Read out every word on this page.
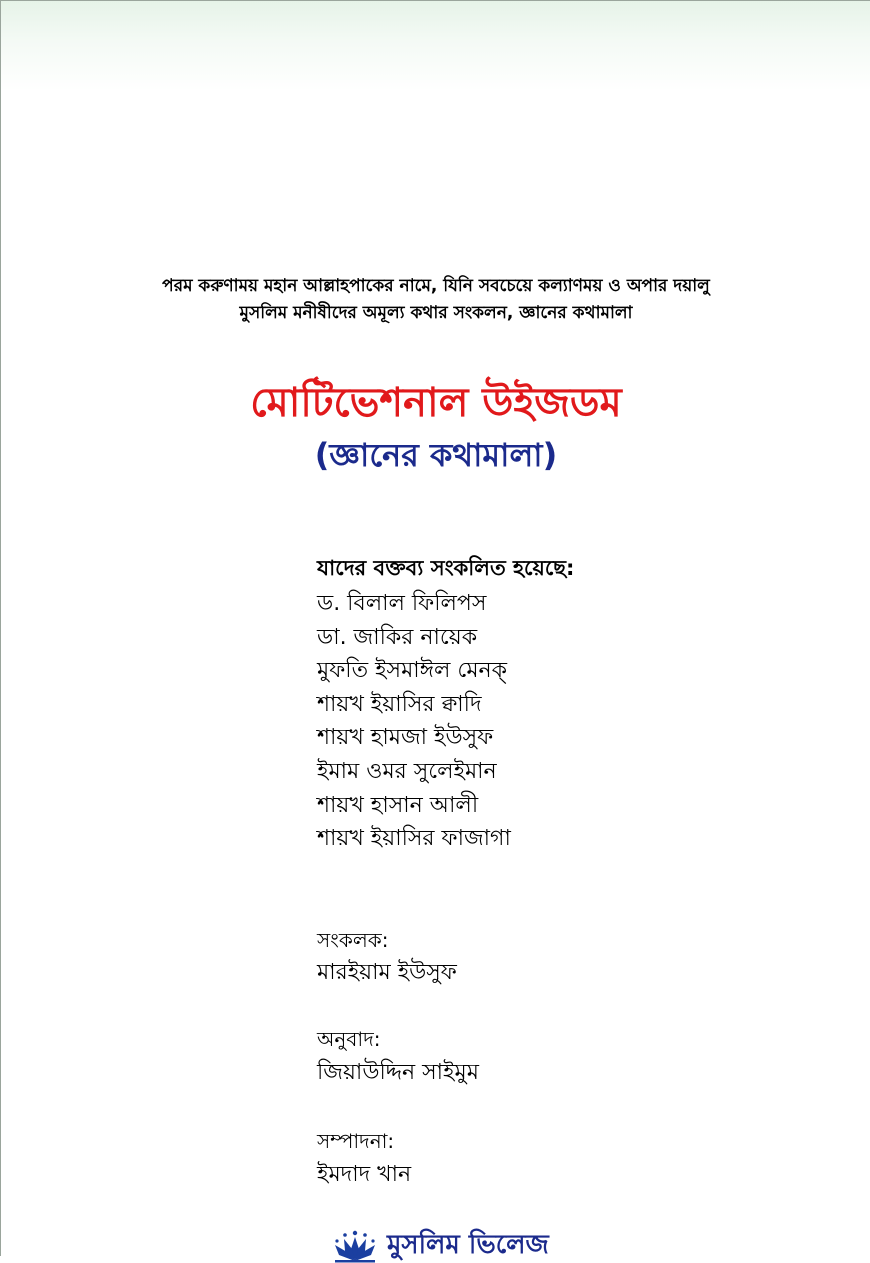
পরম করুণাময় মহান আল্লাহপাকের নামে, যিনি সবচেয়ে কল্যাণময় ও অপার দয়ালু
মুসলিম মনীষীদের অমূল্য কথার সংকলন, জ্ঞানের কথামালা
মোটিভেশনাল উইজডম
(জ্ঞানের কথামালা)
যাদের বক্তব্য সংকলিত হয়েছে:
ড. বিলাল ফিলিপস
ডা. জাকির নায়েক
মুফতি ইসমাঈল মেনক্
শায়খ ইয়াসির ক্বাদি
শায়খ হামজা ইউসুফ
ইমাম ওমর সুলেইমান
শায়খ হাসান আলী
শায়খ ইয়াসির ফাজাগা
সংকলক:
মারইয়াম ইউসুফ
অনুবাদ:
জিয়াউদ্দিন সাইমুম
সম্পাদনা:
ইমদাদ খান
মুসলিম ভিলেজ
